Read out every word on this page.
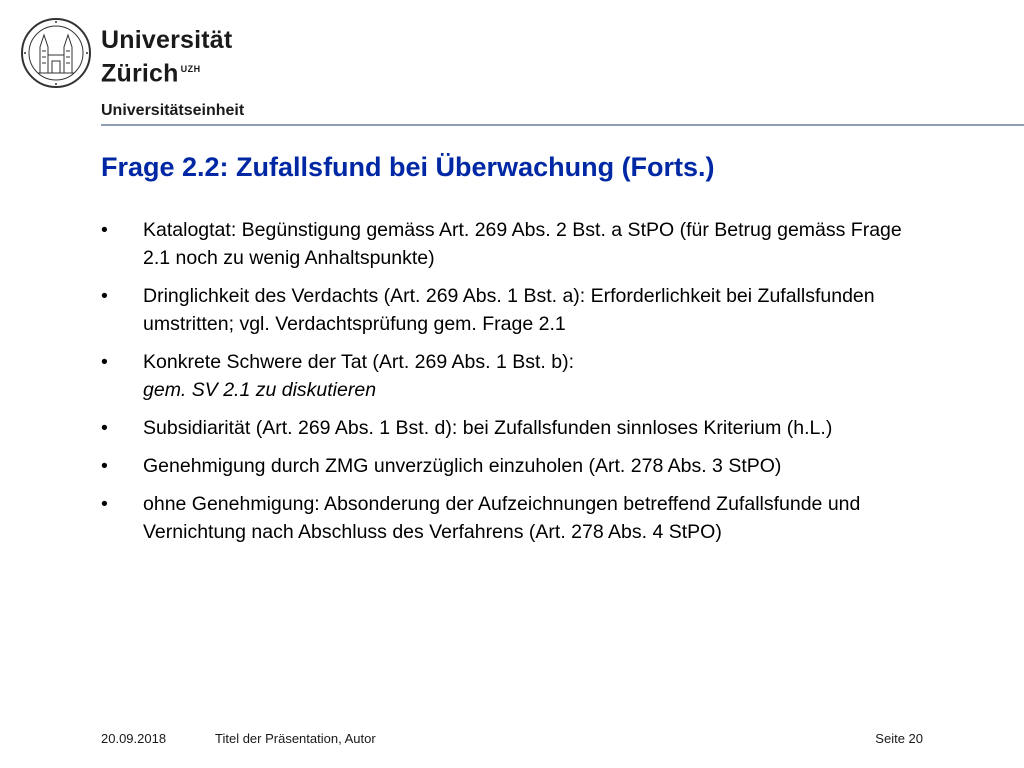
Universität
Zürich $^{UZH}$
Universitätseinheit
Frage 2.2: Zufallsfund bei Überwachung (Forts.)
• Katalogtat: Begünstigung gemäss Art. 269 Abs. 2 Bst. a StPO (für Betrug gemäss Frage 2.1 noch zu wenig Anhaltspunkte)
• Dringlichkeit des Verdachts (Art. 269 Abs. 1 Bst. a): Erforderlichkeit bei Zufallsfunden umstritten; vgl. Verdachtsprüfung gem. Frage 2.1
• Konkrete Schwere der Tat (Art. 269 Abs. 1 Bst. b):
gem. SV 2.1 zu diskutieren
• Subsidiarität (Art. 269 Abs. 1 Bst. d): bei Zufallsfunden sinnloses Kriterium (h.L.)
• Genehmigung durch ZMG unverzüglich einzuholen (Art. 278 Abs. 3 StPO)
• ohne Genehmigung: Absonderung der Aufzeichnungen betreffend Zufallsfunde und Vernichtung nach Abschluss des Verfahrens (Art. 278 Abs. 4 StPO)
20.09.2018	Titel der Präsentation, Autor	Seite 20
